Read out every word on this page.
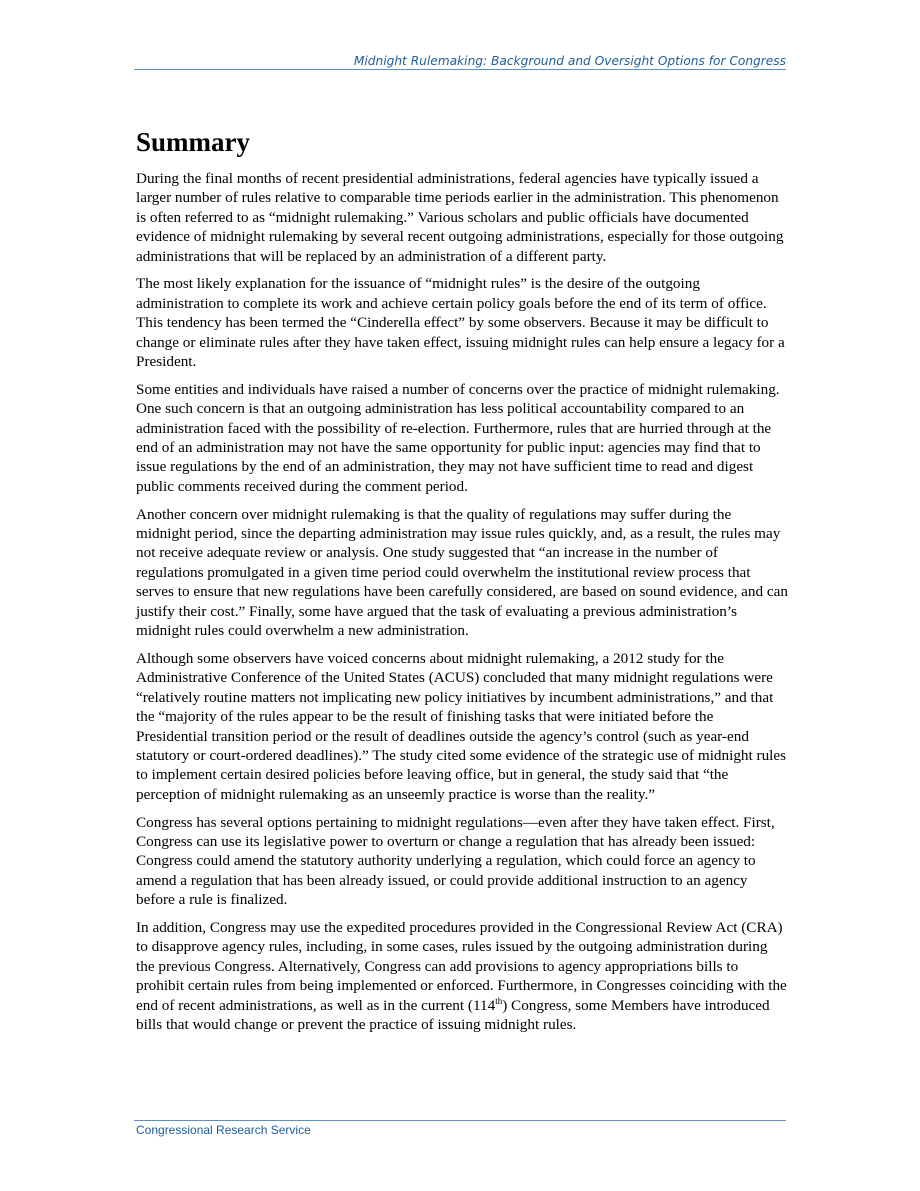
Midnight Rulemaking: Background and Oversight Options for Congress
Summary

During the final months of recent presidential administrations, federal agencies have typically issued a larger number of rules relative to comparable time periods earlier in the administration. This phenomenon is often referred to as “midnight rulemaking.” Various scholars and public officials have documented evidence of midnight rulemaking by several recent outgoing administrations, especially for those outgoing administrations that will be replaced by an administration of a different party.

The most likely explanation for the issuance of “midnight rules” is the desire of the outgoing administration to complete its work and achieve certain policy goals before the end of its term of office. This tendency has been termed the “Cinderella effect” by some observers. Because it may be difficult to change or eliminate rules after they have taken effect, issuing midnight rules can help ensure a legacy for a President.

Some entities and individuals have raised a number of concerns over the practice of midnight rulemaking. One such concern is that an outgoing administration has less political accountability compared to an administration faced with the possibility of re-election. Furthermore, rules that are hurried through at the end of an administration may not have the same opportunity for public input: agencies may find that to issue regulations by the end of an administration, they may not have sufficient time to read and digest public comments received during the comment period.

Another concern over midnight rulemaking is that the quality of regulations may suffer during the midnight period, since the departing administration may issue rules quickly, and, as a result, the rules may not receive adequate review or analysis. One study suggested that “an increase in the number of regulations promulgated in a given time period could overwhelm the institutional review process that serves to ensure that new regulations have been carefully considered, are based on sound evidence, and can justify their cost.” Finally, some have argued that the task of evaluating a previous administration’s midnight rules could overwhelm a new administration.

Although some observers have voiced concerns about midnight rulemaking, a 2012 study for the Administrative Conference of the United States (ACUS) concluded that many midnight regulations were “relatively routine matters not implicating new policy initiatives by incumbent administrations,” and that the “majority of the rules appear to be the result of finishing tasks that were initiated before the Presidential transition period or the result of deadlines outside the agency’s control (such as year-end statutory or court-ordered deadlines).” The study cited some evidence of the strategic use of midnight rules to implement certain desired policies before leaving office, but in general, the study said that “the perception of midnight rulemaking as an unseemly practice is worse than the reality.”

Congress has several options pertaining to midnight regulations—even after they have taken effect. First, Congress can use its legislative power to overturn or change a regulation that has already been issued: Congress could amend the statutory authority underlying a regulation, which could force an agency to amend a regulation that has been already issued, or could provide additional instruction to an agency before a rule is finalized.

In addition, Congress may use the expedited procedures provided in the Congressional Review Act (CRA) to disapprove agency rules, including, in some cases, rules issued by the outgoing administration during the previous Congress. Alternatively, Congress can add provisions to agency appropriations bills to prohibit certain rules from being implemented or enforced. Furthermore, in Congresses coinciding with the end of recent administrations, as well as in the current (114th) Congress, some Members have introduced bills that would change or prevent the practice of issuing midnight rules.

Congressional Research Service
